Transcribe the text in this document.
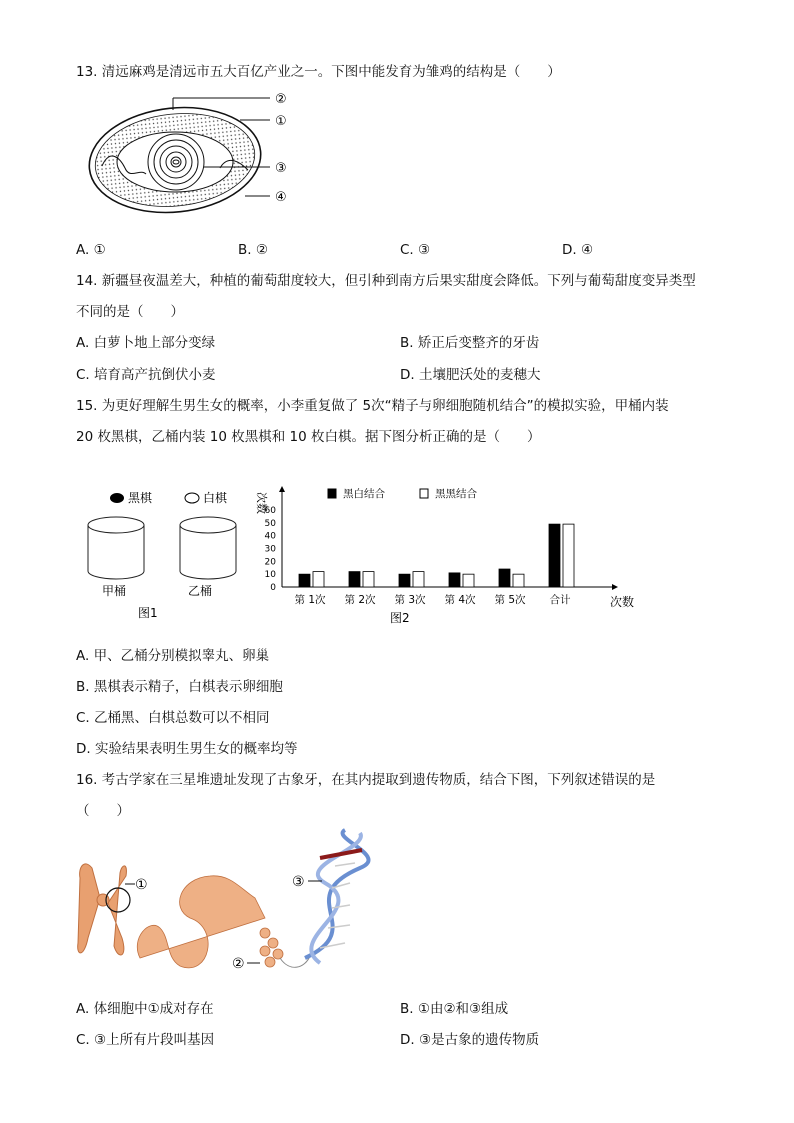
13. 清远麻鸡是清远市五大百亿产业之一。下图中能发育为雏鸡的结构是（　　）
②
①
③
④
A. ①	B. ②	C. ③	D. ④
14. 新疆昼夜温差大，种植的葡萄甜度较大，但引种到南方后果实甜度会降低。下列与葡萄甜度变异类型
不同的是（　　）
A. 白萝卜地上部分变绿	B. 矫正后变整齐的牙齿
C. 培育高产抗倒伏小麦	D. 土壤肥沃处的麦穗大
15. 为更好理解生男生女的概率，小李重复做了 5次“精子与卵细胞随机结合”的模拟实验，甲桶内装
20 枚黑棋，乙桶内装 10 枚黑棋和 10 枚白棋。据下图分析正确的是（　　）
黑棋	白棋
甲桶	乙桶
图1
0
10
20
30
40
50
60
次数
次数
黑白结合	黑黑结合
第 1次 第 2次 第 3次 第 4次 第 5次 合计
图2
A. 甲、乙桶分别模拟睾丸、卵巢
B. 黑棋表示精子，白棋表示卵细胞
C. 乙桶黑、白棋总数可以不相同
D. 实验结果表明生男生女的概率均等
16. 考古学家在三星堆遗址发现了古象牙，在其内提取到遗传物质，结合下图，下列叙述错误的是
（　　）
①
②
③
A. 体细胞中①成对存在	B. ①由②和③组成
C. ③上所有片段叫基因	D. ③是古象的遗传物质
